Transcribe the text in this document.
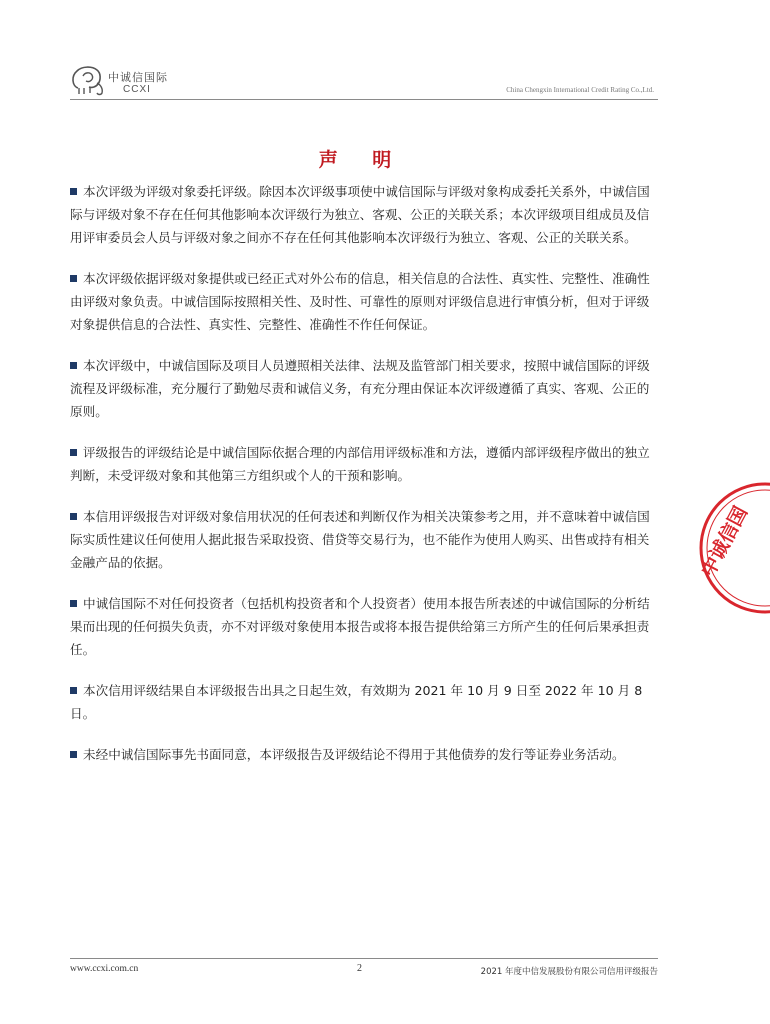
中诚信国际
CCXI	China Chengxin International Credit Rating Co.,Ltd.
声 明

本次评级为评级对象委托评级。除因本次评级事项使中诚信国际与评级对象构成委托关系外，中诚信国际与评级对象不存在任何其他影响本次评级行为独立、客观、公正的关联关系；本次评级项目组成员及信用评审委员会人员与评级对象之间亦不存在任何其他影响本次评级行为独立、客观、公正的关联关系。

本次评级依据评级对象提供或已经正式对外公布的信息，相关信息的合法性、真实性、完整性、准确性由评级对象负责。中诚信国际按照相关性、及时性、可靠性的原则对评级信息进行审慎分析，但对于评级对象提供信息的合法性、真实性、完整性、准确性不作任何保证。

本次评级中，中诚信国际及项目人员遵照相关法律、法规及监管部门相关要求，按照中诚信国际的评级流程及评级标准，充分履行了勤勉尽责和诚信义务，有充分理由保证本次评级遵循了真实、客观、公正的原则。

评级报告的评级结论是中诚信国际依据合理的内部信用评级标准和方法，遵循内部评级程序做出的独立判断，未受评级对象和其他第三方组织或个人的干预和影响。

本信用评级报告对评级对象信用状况的任何表述和判断仅作为相关决策参考之用，并不意味着中诚信国际实质性建议任何使用人据此报告采取投资、借贷等交易行为，也不能作为使用人购买、出售或持有相关金融产品的依据。

中诚信国际不对任何投资者（包括机构投资者和个人投资者）使用本报告所表述的中诚信国际的分析结果而出现的任何损失负责，亦不对评级对象使用本报告或将本报告提供给第三方所产生的任何后果承担责任。

本次信用评级结果自本评级报告出具之日起生效，有效期为 2021 年 10 月 9 日至 2022 年 10 月 8 日。

未经中诚信国际事先书面同意，本评级报告及评级结论不得用于其他债券的发行等证券业务活动。

中诚信国
www.ccxi.com.cn	2	2021 年度中信发展股份有限公司信用评级报告
